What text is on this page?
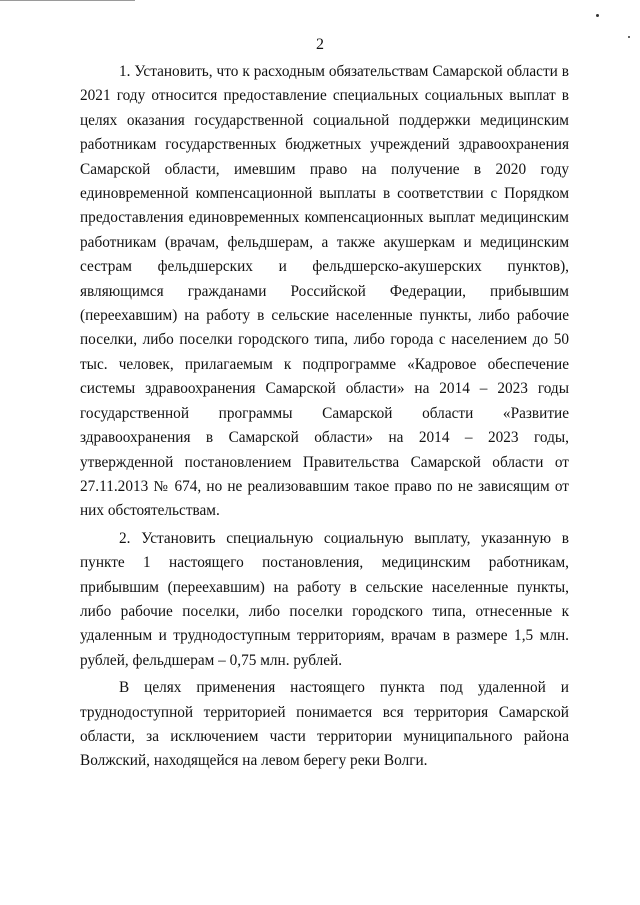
2

1. Установить, что к расходным обязательствам Самарской области в 2021 году относится предоставление специальных социальных выплат в целях оказания государственной социальной поддержки медицинским работникам государственных бюджетных учреждений здравоохранения Самарской области, имевшим право на получение в 2020 году единовременной компенсационной выплаты в соответствии с Порядком предоставления единовременных компенсационных выплат медицинским работникам (врачам, фельдшерам, а также акушеркам и медицинским сестрам фельдшерских и фельдшерско-акушерских пунктов), являющимся гражданами Российской Федерации, прибывшим (переехавшим) на работу в сельские населенные пункты, либо рабочие поселки, либо поселки городского типа, либо города с населением до 50 тыс. человек, прилагаемым к подпрограмме «Кадровое обеспечение системы здравоохранения Самарской области» на 2014 – 2023 годы государственной программы Самарской области «Развитие здравоохранения в Самарской области» на 2014 – 2023 годы, утвержденной постановлением Правительства Самарской области от 27.11.2013 № 674, но не реализовавшим такое право по не зависящим от них обстоятельствам.

2. Установить специальную социальную выплату, указанную в пункте 1 настоящего постановления, медицинским работникам, прибывшим (переехавшим) на работу в сельские населенные пункты, либо рабочие поселки, либо поселки городского типа, отнесенные к удаленным и труднодоступным территориям, врачам в размере 1,5 млн. рублей, фельдшерам – 0,75 млн. рублей.

В целях применения настоящего пункта под удаленной и труднодоступной территорией понимается вся территория Самарской области, за исключением части территории муниципального района Волжский, находящейся на левом берегу реки Волги.
